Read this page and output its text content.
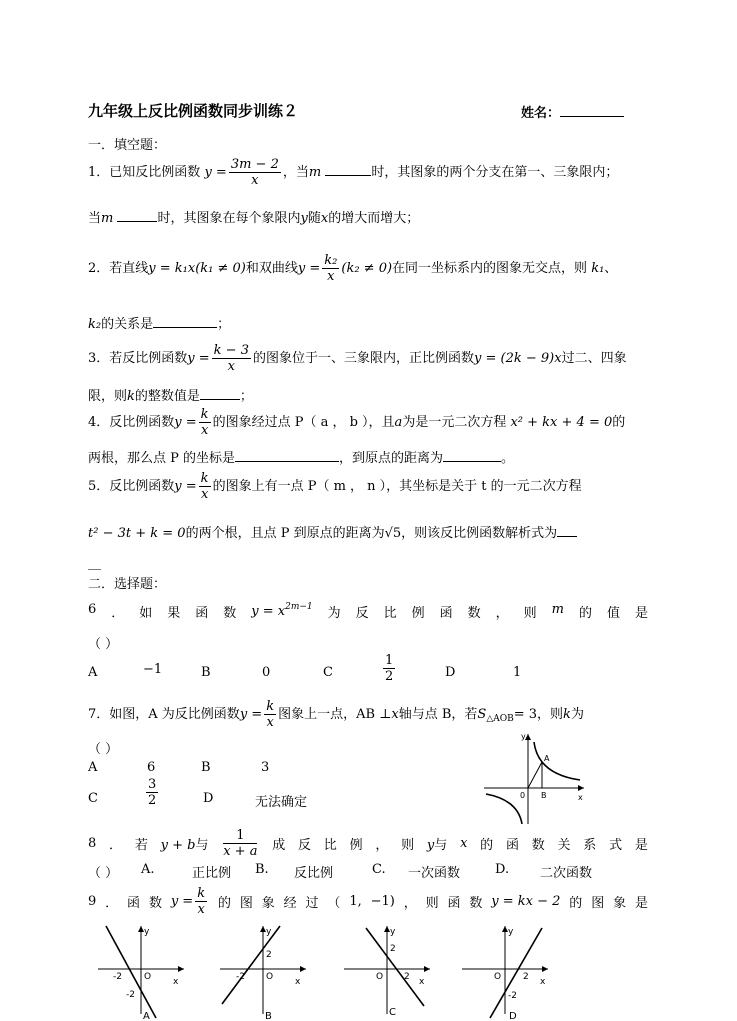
九年级上反比例函数同步训练２	姓名：
一．填空题：
1．已知反比例函数 $y = \frac{3m - 2}{x}$ ，当m	时，其图象的两个分支在第一、三象限内；
当m	时，其图象在每个象限内y随x的增大而增大；
2．若直线y = k₁x(k₁ ≠ 0)和双曲线$y = \frac{\text{k₂}}{x} (k_2 \ne 0)$在同一坐标系内的图象无交点，则 k₁、
k₂的关系是	；
3．若反比例函数$y = \frac{k - 3}{x}$ 的图象位于一、三象限内，正比例函数y = (2k − 9)x过二、四象
限，则k的整数值是	；
4．反比例函数$y = \frac{k}{x}$ 的图象经过点 P（ a ， b ），且a为是一元二次方程 x² + kx + 4 = 0的
两根，那么点 P 的坐标是	，到原点的距离为	。
5．反比例函数$y = \frac{k}{x}$ 的图象上有一点 P（ m ， n ），其坐标是关于 t 的一元二次方程
t² − 3t + k = 0的两个根，且点 P 到原点的距离为√5，则该反比例函数解析式为
＿
二．选择题：
6 ． 如 果 函 数 $y = x^{2m-1}$ 为 反 比 例 函 数 ， 则 m 的 值 是
（ ）
A	−1	B	0	C	$\frac{1}{2}$	D	1
7．如图，A 为反比例函数$y = \frac{k}{x}$ 图象上一点，AB ⊥x轴与点 B，若$S_{\triangle AOB}= 3$，则k为
（ ）
A	6	B	3
C	$\frac{3}{2}$	D	无法确定
y
x
0
A
B
8 ． 若 y + b与 $\frac{1}{x + a}$ 成 反 比 例 ， 则 y与 x 的 函 数 关 系 式 是
（ ） A.	正比例 B. 反比例	C. 一次函数	D. 二次函数
9 ． 函 数 $y = \frac{k}{x}$ 的 图 象 经 过 （ 1, −1) ， 则 函 数 y = kx − 2 的 图 象 是
y
x
O
-2
-2
A
y
x
O
-2
2
B
y
x
O
2
2
C
y
x
O 2
-2
D
